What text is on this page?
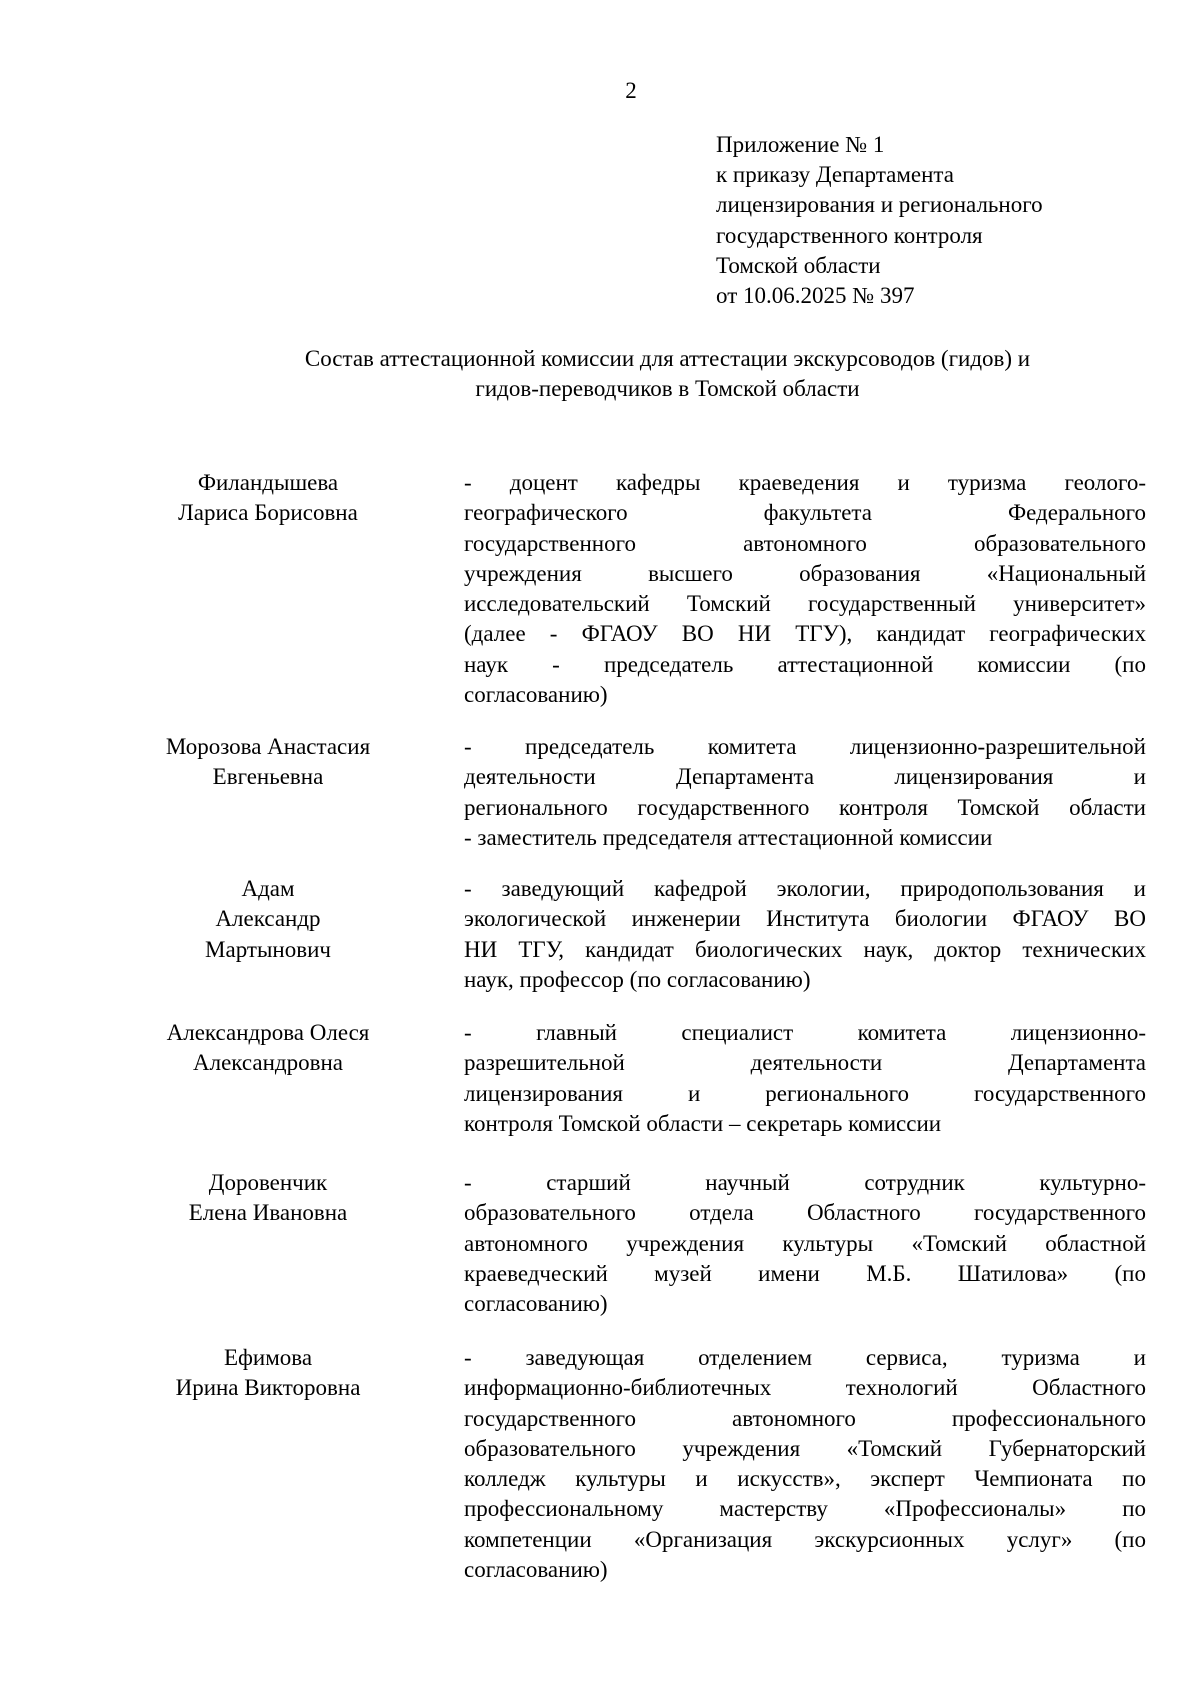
2
Приложение № 1
к приказу Департамента
лицензирования и регионального
государственного контроля
Томской области
от 10.06.2025 № 397
Состав аттестационной комиссии для аттестации экскурсоводов (гидов) и
гидов-переводчиков в Томской области
Филандышева
Лариса Борисовна
- доцент кафедры краеведения и туризма геолого-
географического факультета Федерального
государственного автономного образовательного
учреждения высшего образования «Национальный
исследовательский Томский государственный университет»
(далее - ФГАОУ ВО НИ ТГУ), кандидат географических
наук - председатель аттестационной комиссии (по
согласованию)
Морозова Анастасия
Евгеньевна
- председатель комитета лицензионно-разрешительной
деятельности Департамента лицензирования и
регионального государственного контроля Томской области
- заместитель председателя аттестационной комиссии
Адам
Александр
Мартынович
- заведующий кафедрой экологии, природопользования и
экологической инженерии Института биологии ФГАОУ ВО
НИ ТГУ, кандидат биологических наук, доктор технических
наук, профессор (по согласованию)
Александрова Олеся
Александровна
- главный специалист комитета лицензионно-
разрешительной деятельности Департамента
лицензирования и регионального государственного
контроля Томской области – секретарь комиссии
Доровенчик
Елена Ивановна
- старший научный сотрудник культурно-
образовательного отдела Областного государственного
автономного учреждения культуры «Томский областной
краеведческий музей имени М.Б. Шатилова» (по
согласованию)
Ефимова
Ирина Викторовна
- заведующая отделением сервиса, туризма и
информационно-библиотечных технологий Областного
государственного автономного профессионального
образовательного учреждения «Томский Губернаторский
колледж культуры и искусств», эксперт Чемпионата по
профессиональному мастерству «Профессионалы» по
компетенции «Организация экскурсионных услуг» (по
согласованию)
